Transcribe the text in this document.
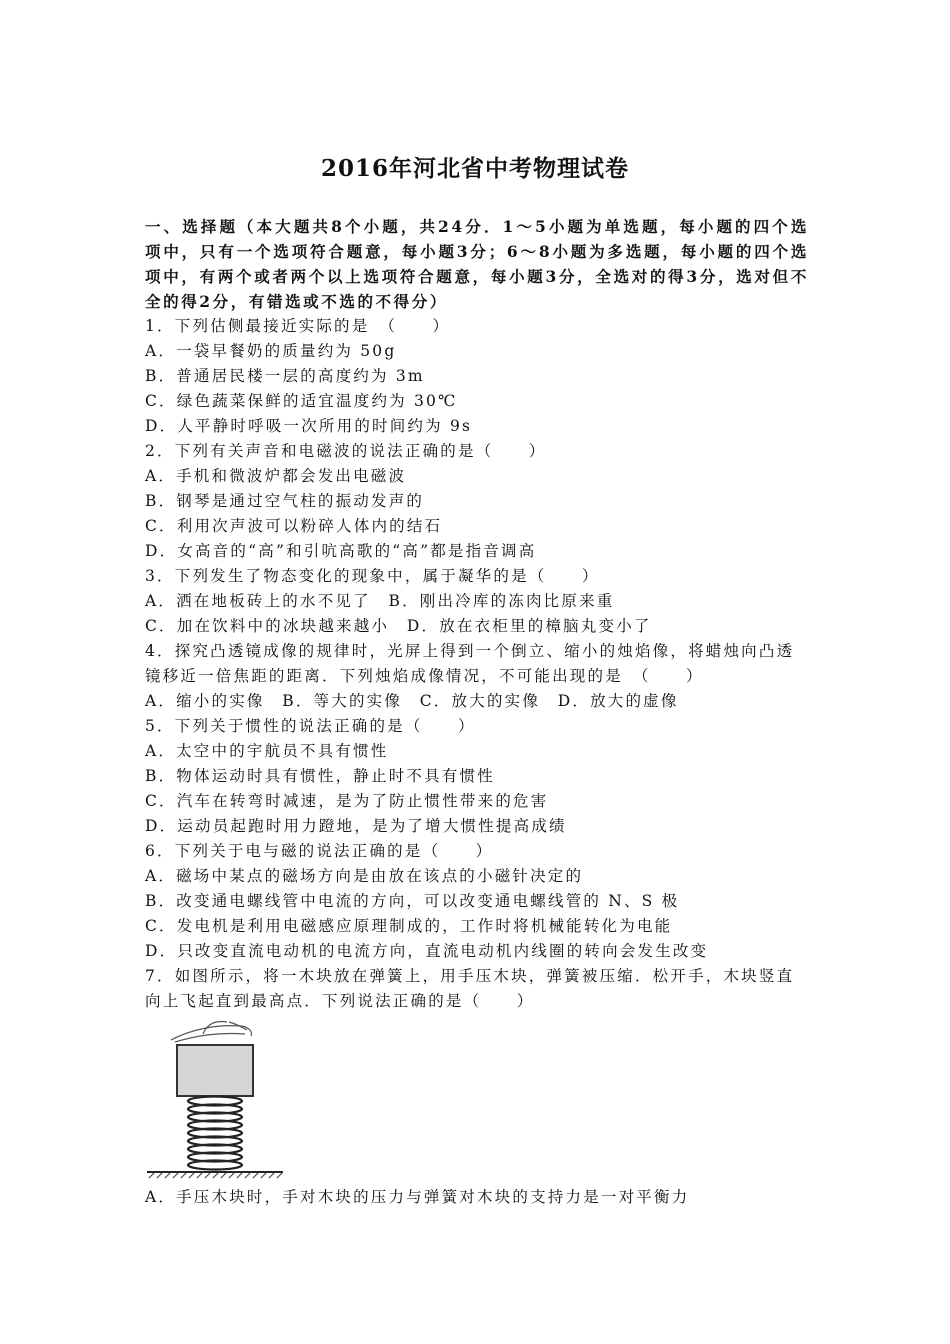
2016年河北省中考物理试卷

一、选择题（本大题共8个小题，共24分．1～5小题为单选题，每小题的四个选项中，只有一个选项符合题意，每小题3分；6～8小题为多选题，每小题的四个选项中，有两个或者两个以上选项符合题意，每小题3分，全选对的得3分，选对但不全的得2分，有错选或不选的不得分）

1．下列估侧最接近实际的是　（　　）
A．一袋早餐奶的质量约为 50g
B．普通居民楼一层的高度约为 3m
C．绿色蔬菜保鲜的适宜温度约为 30℃
D．人平静时呼吸一次所用的时间约为 9s
2．下列有关声音和电磁波的说法正确的是（　　）
A．手机和微波炉都会发出电磁波
B．钢琴是通过空气柱的振动发声的
C．利用次声波可以粉碎人体内的结石
D．女高音的“高”和引吭高歌的“高”都是指音调高
3．下列发生了物态变化的现象中，属于凝华的是（　　）
A．洒在地板砖上的水不见了　B．刚出冷库的冻肉比原来重
C．加在饮料中的冰块越来越小　D．放在衣柜里的樟脑丸变小了
4．探究凸透镜成像的规律时，光屏上得到一个倒立、缩小的烛焰像，将蜡烛向凸透镜移近一倍焦距的距离．下列烛焰成像情况，不可能出现的是　（　　）
A．缩小的实像　B．等大的实像　C．放大的实像　D．放大的虚像
5．下列关于惯性的说法正确的是（　　）
A．太空中的宇航员不具有惯性
B．物体运动时具有惯性，静止时不具有惯性
C．汽车在转弯时减速，是为了防止惯性带来的危害
D．运动员起跑时用力蹬地，是为了增大惯性提高成绩
6．下列关于电与磁的说法正确的是（　　）
A．磁场中某点的磁场方向是由放在该点的小磁针决定的
B．改变通电螺线管中电流的方向，可以改变通电螺线管的 N、S 极
C．发电机是利用电磁感应原理制成的，工作时将机械能转化为电能
D．只改变直流电动机的电流方向，直流电动机内线圈的转向会发生改变
7．如图所示，将一木块放在弹簧上，用手压木块，弹簧被压缩．松开手，木块竖直向上飞起直到最高点．下列说法正确的是（　　）
A．手压木块时，手对木块的压力与弹簧对木块的支持力是一对平衡力
